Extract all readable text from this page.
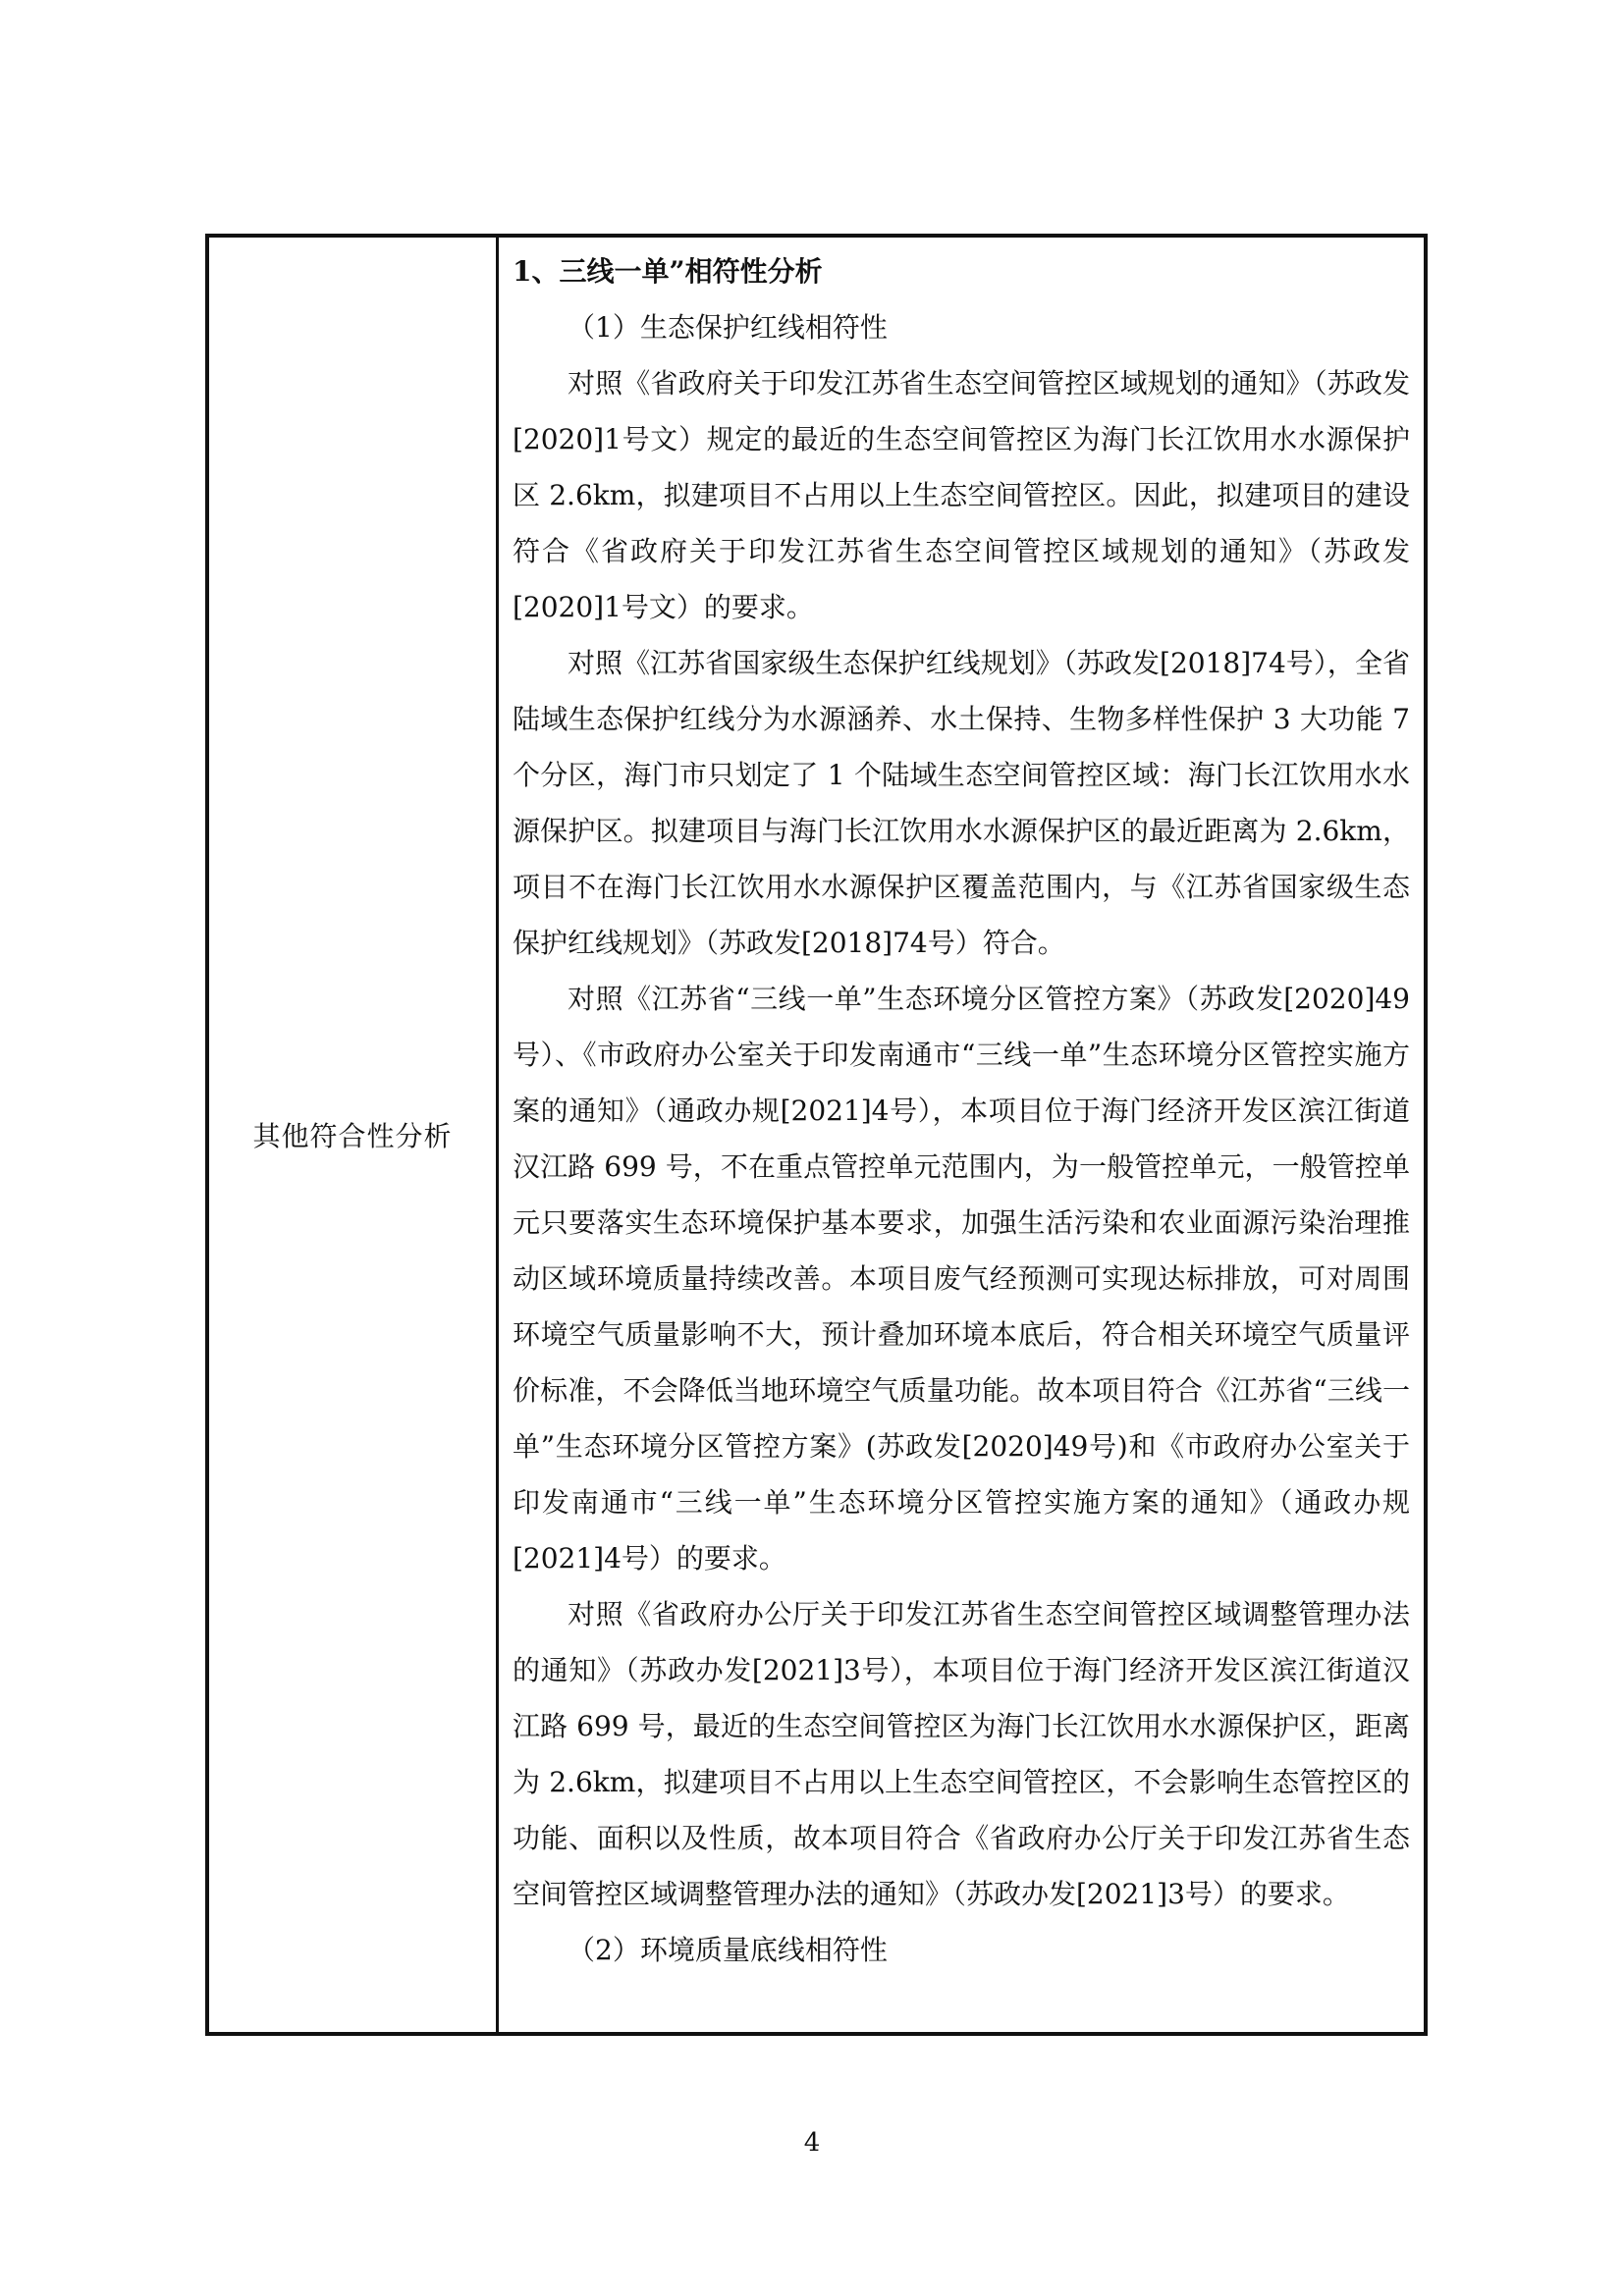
其他符合性分析

1、三线一单”相符性分析

（1）生态保护红线相符性

对照《省政府关于印发江苏省生态空间管控区域规划的通知》（苏政发[2020]1号文）规定的最近的生态空间管控区为海门长江饮用水水源保护区 2.6km，拟建项目不占用以上生态空间管控区。因此，拟建项目的建设符合《省政府关于印发江苏省生态空间管控区域规划的通知》（苏政发[2020]1号文）的要求。

对照《江苏省国家级生态保护红线规划》（苏政发[2018]74号），全省陆域生态保护红线分为水源涵养、水土保持、生物多样性保护 3 大功能 7 个分区，海门市只划定了 1 个陆域生态空间管控区域：海门长江饮用水水源保护区。拟建项目与海门长江饮用水水源保护区的最近距离为 2.6km，项目不在海门长江饮用水水源保护区覆盖范围内，与《江苏省国家级生态保护红线规划》（苏政发[2018]74号）符合。

对照《江苏省“三线一单”生态环境分区管控方案》（苏政发[2020]49号）、《市政府办公室关于印发南通市“三线一单”生态环境分区管控实施方案的通知》（通政办规[2021]4号），本项目位于海门经济开发区滨江街道汉江路 699 号，不在重点管控单元范围内，为一般管控单元，一般管控单元只要落实生态环境保护基本要求，加强生活污染和农业面源污染治理推动区域环境质量持续改善。本项目废气经预测可实现达标排放，可对周围环境空气质量影响不大，预计叠加环境本底后，符合相关环境空气质量评价标准，不会降低当地环境空气质量功能。故本项目符合《江苏省“三线一单”生态环境分区管控方案》(苏政发[2020]49号)和《市政府办公室关于印发南通市“三线一单”生态环境分区管控实施方案的通知》（通政办规[2021]4号）的要求。

对照《省政府办公厅关于印发江苏省生态空间管控区域调整管理办法的通知》（苏政办发[2021]3号），本项目位于海门经济开发区滨江街道汉江路 699 号，最近的生态空间管控区为海门长江饮用水水源保护区，距离为 2.6km，拟建项目不占用以上生态空间管控区，不会影响生态管控区的功能、面积以及性质，故本项目符合《省政府办公厅关于印发江苏省生态空间管控区域调整管理办法的通知》（苏政办发[2021]3号）的要求。

（2）环境质量底线相符性

4
